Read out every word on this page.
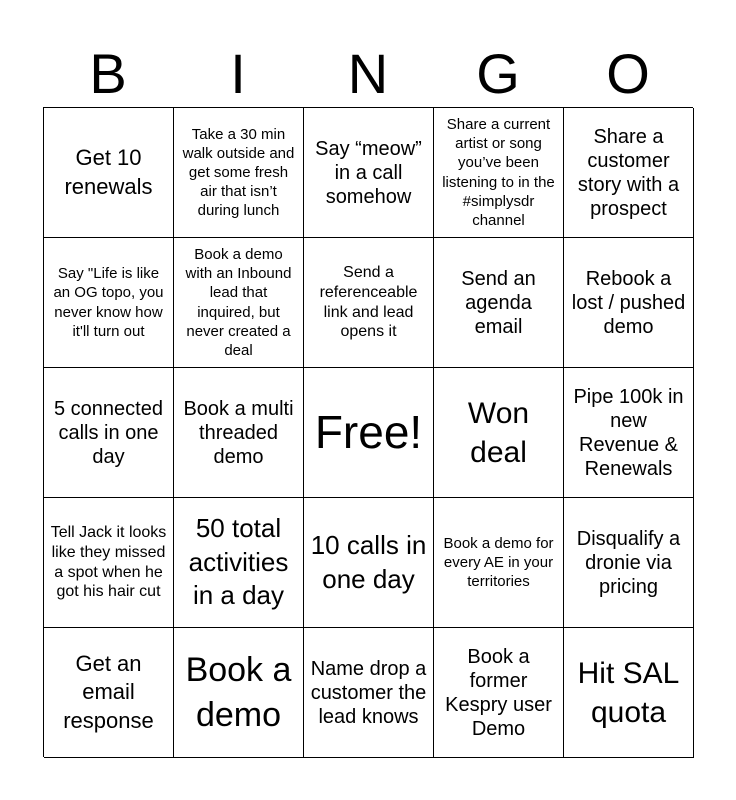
B	I	N	G	O
Get 10 renewals
Take a 30 min walk outside and get some fresh air that isn’t during lunch
Say “meow” in a call somehow
Share a current artist or song you’ve been listening to in the #simplysdr channel
Share a customer story with a prospect
Say "Life is like an OG topo, you never know how it'll turn out
Book a demo with an Inbound lead that inquired, but never created a deal
Send a referenceable link and lead opens it
Send an agenda email
Rebook a lost / pushed demo
5 connected calls in one day
Book a multi threaded demo	Free!	Won deal
Pipe 100k in new Revenue & Renewals
Tell Jack it looks like they missed a spot when he got his hair cut
50 total activities in a day
10 calls in one day
Book a demo for every AE in your territories
Disqualify a dronie via pricing
Get an email response
Book a demo
Name drop a customer the lead knows
Book a former Kespry user Demo
Hit SAL quota
